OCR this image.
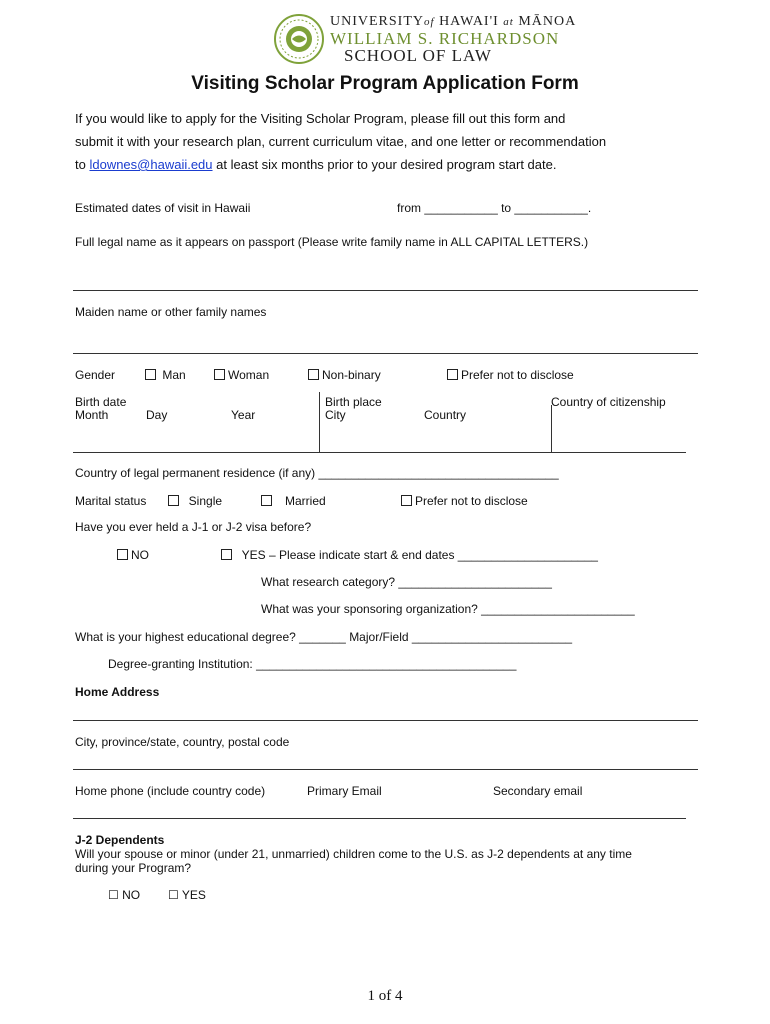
UNIVERSITYof HAWAI'I at MĀNOA
WILLIAM S. RICHARDSON
SCHOOL OF LAW
Visiting Scholar Program Application Form
If you would like to apply for the Visiting Scholar Program, please fill out this form and
submit it with your research plan, current curriculum vitae, and one letter or recommendation
to ldownes@hawaii.edu at least six months prior to your desired program start date.
Estimated dates of visit in Hawaii	from ___________ to ___________.
Full legal name as it appears on passport (Please write family name in ALL CAPITAL LETTERS.)
Maiden name or other family names
Gender	Man	Woman	Non-binary	Prefer not to disclose
Birth date
Month	Day	Year
Birth place
City	Country
Country of citizenship
Country of legal permanent residence (if any) ____________________________________
Marital status	Single	Married	Prefer not to disclose
Have you ever held a J-1 or J-2 visa before?
NO	YES – Please indicate start & end dates _____________________
What research category? _______________________
What was your sponsoring organization? _______________________
What is your highest educational degree? _______ Major/Field ________________________
Degree-granting Institution: _______________________________________
Home Address
City, province/state, country, postal code
Home phone (include country code)	Primary Email	Secondary email
J-2 Dependents
Will your spouse or minor (under 21, unmarried) children come to the U.S. as J-2 dependents at any time
during your Program?
☐ NO ☐ YES
1 of 4
